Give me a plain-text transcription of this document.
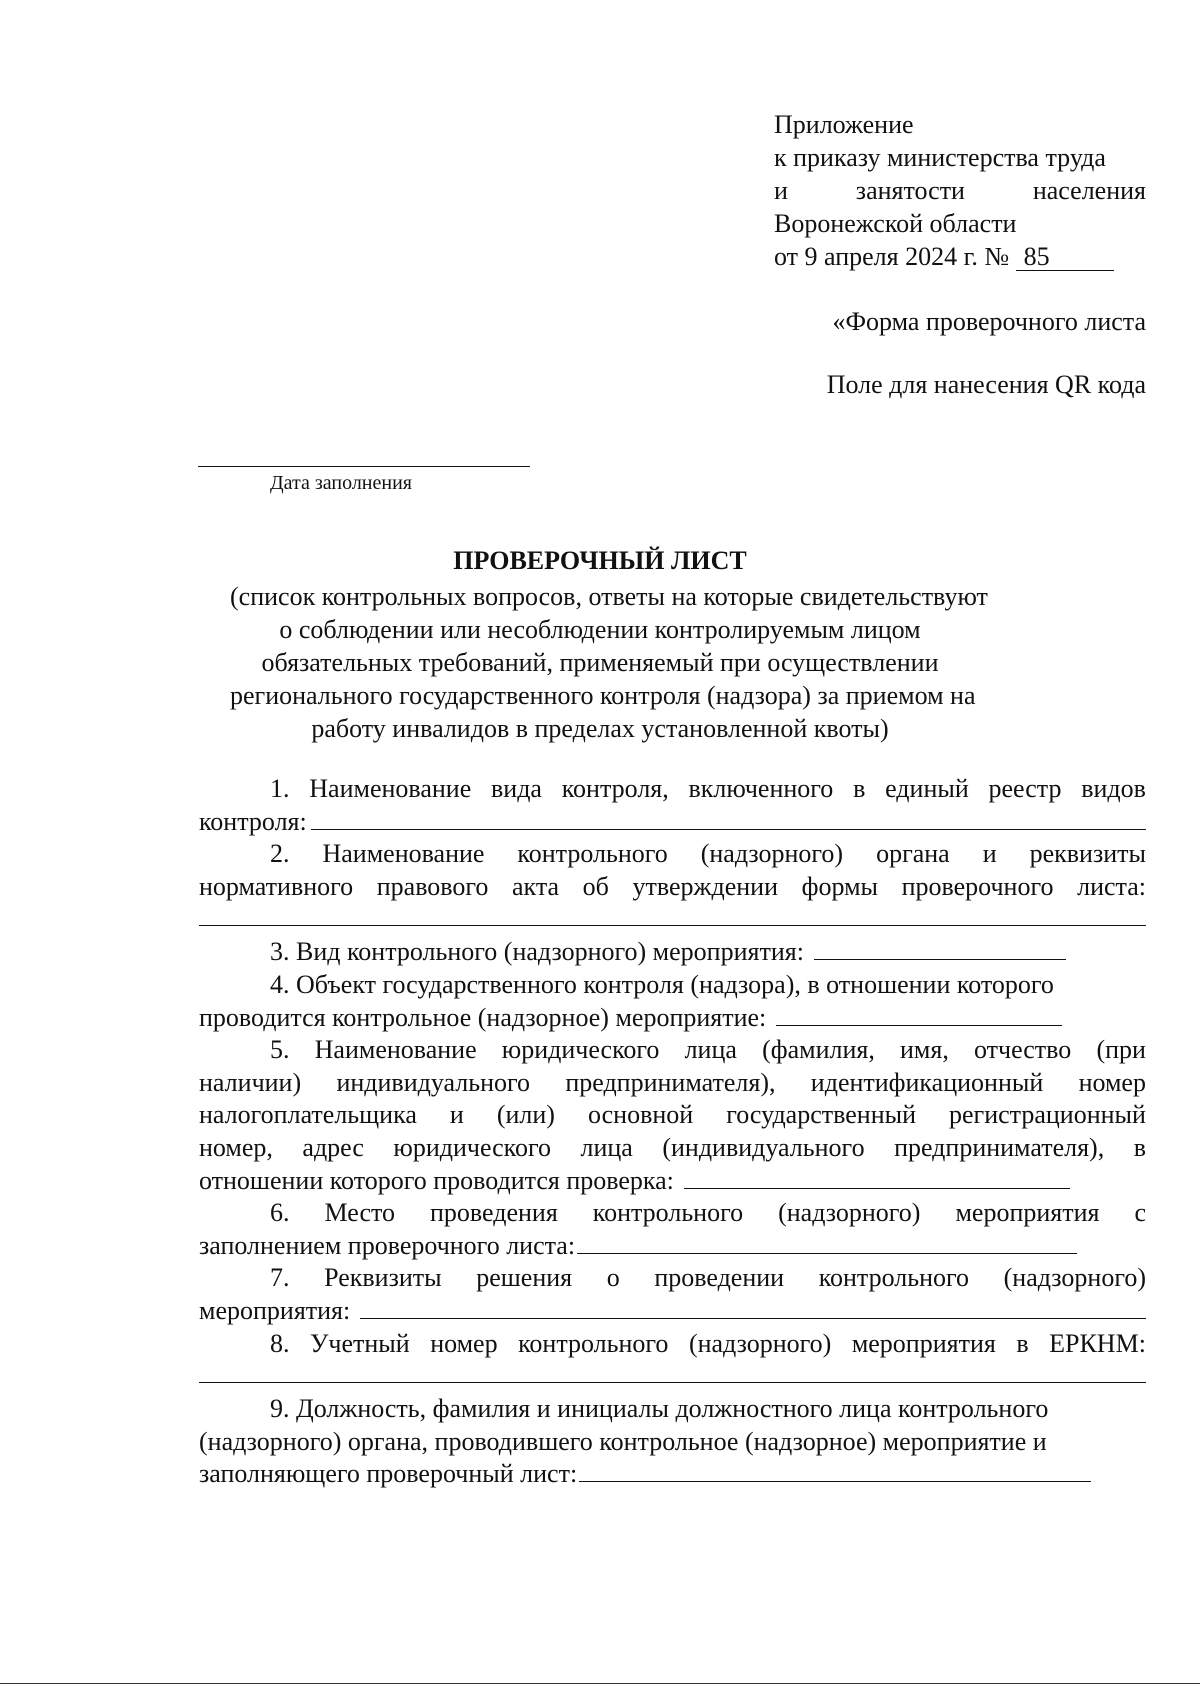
Приложение
к приказу министерства труда
и	занятости	населения
Воронежской области
от 9 апреля 2024 г. № 85
«Форма проверочного листа
Поле для нанесения QR кода
Дата заполнения
ПРОВЕРОЧНЫЙ ЛИСТ
(список контрольных вопросов, ответы на которые свидетельствуют
о соблюдении или несоблюдении контролируемым лицом
обязательных требований, применяемый при осуществлении
регионального государственного контроля (надзора) за приемом на
работу инвалидов в пределах установленной квоты)
1. Наименование вида контроля, включенного в единый реестр видов
контроля:
2. Наименование контрольного (надзорного) органа и реквизиты
нормативного правового акта об утверждении формы проверочного листа:
3. Вид контрольного (надзорного) мероприятия:
4. Объект государственного контроля (надзора), в отношении которого
проводится контрольное (надзорное) мероприятие:
5. Наименование юридического лица (фамилия, имя, отчество (при
наличии) индивидуального предпринимателя), идентификационный номер
налогоплательщика и (или) основной государственный регистрационный
номер, адрес юридического лица (индивидуального предпринимателя), в
отношении которого проводится проверка:
6. Место проведения контрольного (надзорного) мероприятия с
заполнением проверочного листа:
7. Реквизиты решения о проведении контрольного (надзорного)
мероприятия:
8. Учетный номер контрольного (надзорного) мероприятия в ЕРКНМ:
9. Должность, фамилия и инициалы должностного лица контрольного
(надзорного) органа, проводившего контрольное (надзорное) мероприятие и
заполняющего проверочный лист:
